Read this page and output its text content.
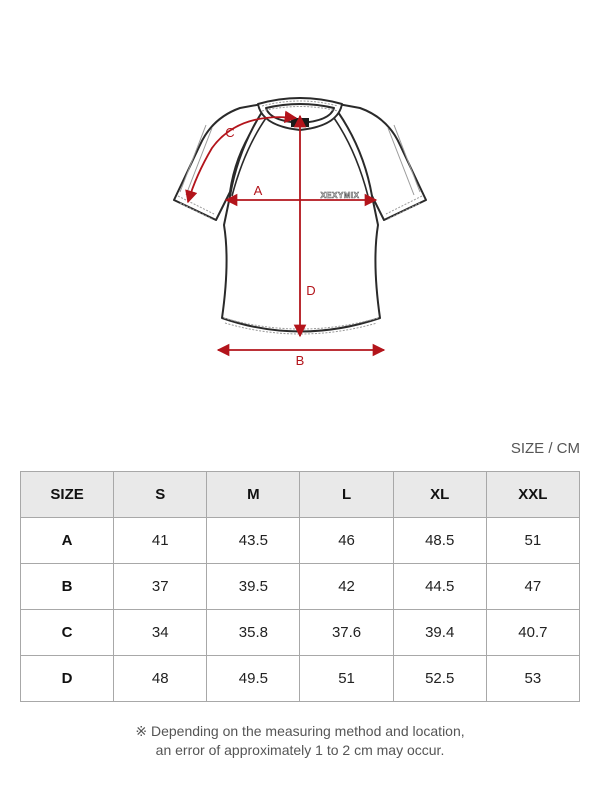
XEXYMIX
A
B
C
D
SIZE / CM
SIZE	S	M	L	XL	XXL
A	41	43.5	46	48.5	51
B	37	39.5	42	44.5	47
C	34	35.8	37.6	39.4	40.7
D	48	49.5	51	52.5	53
※ Depending on the measuring method and location,
an error of approximately 1 to 2 cm may occur.
